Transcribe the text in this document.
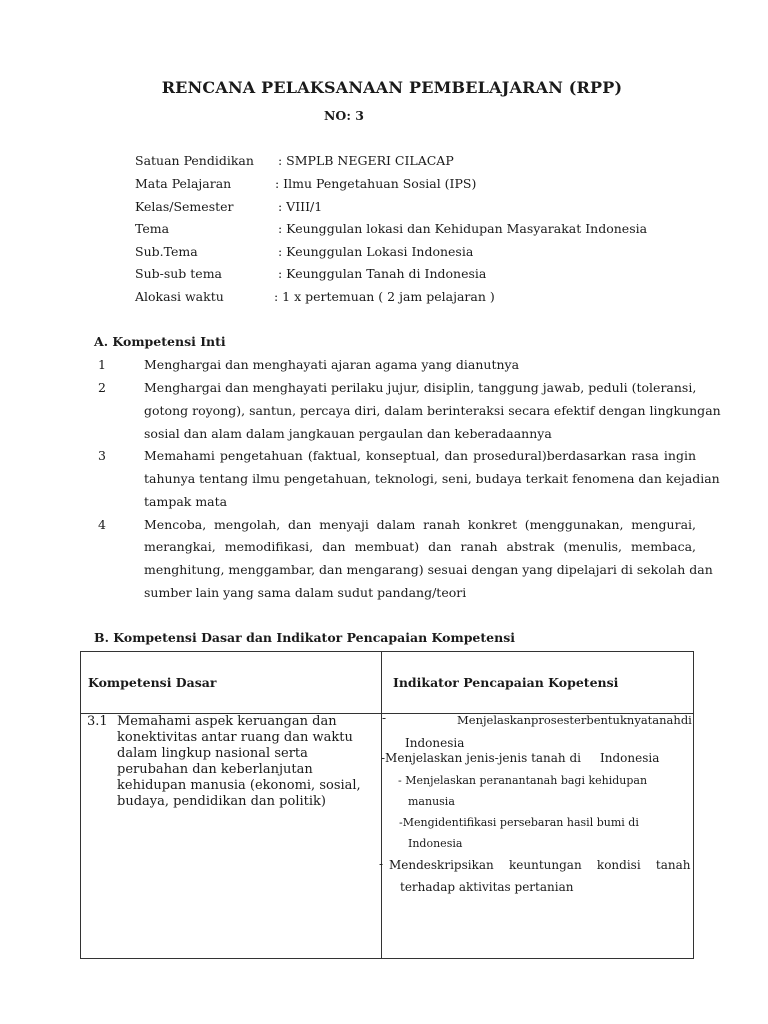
RENCANA PELAKSANAAN PEMBELAJARAN (RPP)
NO: 3
Satuan Pendidikan : SMPLB NEGERI CILACAP
Mata Pelajaran	: Ilmu Pengetahuan Sosial (IPS)
Kelas/Semester	: VIII/1
Tema	: Keunggulan lokasi dan Kehidupan Masyarakat Indonesia
Sub.Tema	: Keunggulan Lokasi Indonesia
Sub-sub tema	: Keunggulan Tanah di Indonesia
Alokasi waktu	: 1 x pertemuan ( 2 jam pelajaran )
A. Kompetensi Inti
1	Menghargai dan menghayati ajaran agama yang dianutnya
2	Menghargai dan menghayati perilaku jujur, disiplin, tanggung jawab, peduli (toleransi,
gotong royong), santun, percaya diri, dalam berinteraksi secara efektif dengan lingkungan
sosial dan alam dalam jangkauan pergaulan dan keberadaannya
3	Memahami pengetahuan (faktual, konseptual, dan prosedural)berdasarkan rasa ingin
tahunya tentang ilmu pengetahuan, teknologi, seni, budaya terkait fenomena dan kejadian
tampak mata
4	Mencoba, mengolah, dan menyaji dalam ranah konkret (menggunakan, mengurai,
merangkai, memodifikasi, dan membuat) dan ranah abstrak (menulis, membaca,
menghitung, menggambar, dan mengarang) sesuai dengan yang dipelajari di sekolah dan
sumber lain yang sama dalam sudut pandang/teori
B. Kompetensi Dasar dan Indikator Pencapaian Kompetensi

Kompetensi Dasar	Indikator Pencapaian Kopetensi
3.1 Memahami aspek keruangan dan
konektivitas antar ruang dan waktu
dalam lingkup nasional serta
perubahan dan keberlanjutan
kehidupan manusia (ekonomi, sosial,
budaya, pendidikan dan politik)
-	Menjelaskanprosesterbentuknyatanahdi
Indonesia
-Menjelaskan jenis-jenis tanah di Indonesia
- Menjelaskan peranantanah bagi kehidupan
manusia
-Mengidentifikasi persebaran hasil bumi di
Indonesia
- Mendeskripsikan    keuntungan    kondisi    tanah
terhadap aktivitas pertanian
